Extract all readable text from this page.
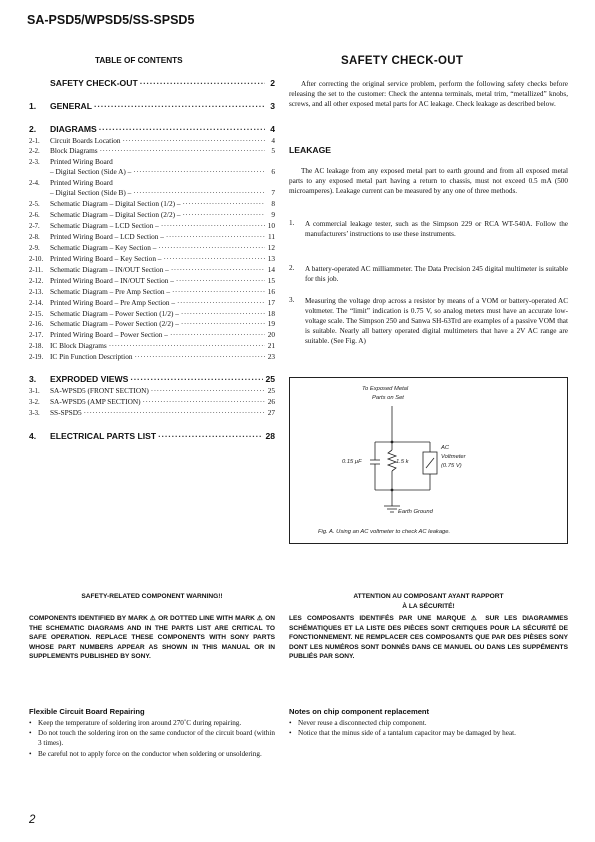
SA-PSD5/WPSD5/SS-SPSD5
TABLE OF CONTENTS
SAFETY CHECK-OUT ·····	2
1.	GENERAL ·····	3
2.	DIAGRAMS ·····	4
2-1.	Circuit Boards Location ·····	4
2-2.	Block Diagrams ·····	5
2-3.	Printed Wiring Board
– Digital Section (Side A) – ·····	6
2-4.	Printed Wiring Board
– Digital Section (Side B) – ·····	7
2-5.	Schematic Diagram – Digital Section (1/2) – ·····	8
2-6.	Schematic Diagram – Digital Section (2/2) – ·····	9
2-7.	Schematic Diagram – LCD Section – ·····	10
2-8.	Printed Wiring Board – LCD Section – ·····	11
2-9.	Schematic Diagram – Key Section – ·····	12
2-10. Printed Wiring Board – Key Section – ·····	13
2-11. Schematic Diagram – IN/OUT Section – ·····	14
2-12. Printed Wiring Board – IN/OUT Section – ·····	15
2-13. Schematic Diagram – Pre Amp Section – ·····	16
2-14. Printed Wiring Board – Pre Amp Section – ·····	17
2-15. Schematic Diagram – Power Section (1/2) – ·····	18
2-16. Schematic Diagram – Power Section (2/2) – ·····	19
2-17. Printed Wiring Board – Power Section – ·····	20
2-18. IC Block Diagrams ·····	21
2-19. IC Pin Function Description ·····	23
3.	EXPRODED VIEWS ·····	25
3-1.	SA-WPSD5 (FRONT SECTION) ·····	25
3-2.	SA-WPSD5 (AMP SECTION) ·····	26
3-3.	SS-SPSD5 ·····	27
4.	ELECTRICAL PARTS LIST ·····	28
SAFETY CHECK-OUT
After correcting the original service problem, perform the following safety checks before releasing the set to the customer: Check the antenna terminals, metal trim, “metallized” knobs, screws, and all other exposed metal parts for AC leakage. Check leakage as described below.
LEAKAGE
The AC leakage from any exposed metal part to earth ground and from all exposed metal parts to any exposed metal part having a return to chassis, must not exceed 0.5 mA (500 microamperes). Leakage current can be measured by any one of three methods.
1. A commercial leakage tester, such as the Simpson 229 or RCA WT-540A. Follow the manufacturers’ instructions to use these instruments.
2. A battery-operated AC milliammeter. The Data Precision 245 digital multimeter is suitable for this job.
3. Measuring the voltage drop across a resistor by means of a VOM or battery-operated AC voltmeter. The “limit” indication is 0.75 V, so analog meters must have an accurate low-voltage scale. The Simpson 250 and Sanwa SH-63Trd are examples of a passive VOM that is suitable. Nearly all battery operated digital multimeters that have a 2V AC range are suitable. (See Fig. A)
To Exposed Metal
Parts on Set
0.15 μF	1.5 k
AC
Voltmeter
(0.75 V)
Earth Ground
Fig. A. Using an AC voltmeter to check AC leakage.
SAFETY-RELATED COMPONENT WARNING!!
COMPONENTS IDENTIFIED BY MARK ⚠ OR DOTTED LINE WITH MARK ⚠ ON THE SCHEMATIC DIAGRAMS AND IN THE PARTS LIST ARE CRITICAL TO SAFE OPERATION. REPLACE THESE COMPONENTS WITH SONY PARTS WHOSE PART NUMBERS APPEAR AS SHOWN IN THIS MANUAL OR IN SUPPLEMENTS PUBLISHED BY SONY.
ATTENTION AU COMPOSANT AYANT RAPPORT
À LA SÉCURITÉ!
LES COMPOSANTS IDENTIFÉS PAR UNE MARQUE ⚠ SUR LES DIAGRAMMES SCHÉMATIQUES ET LA LISTE DES PIÈCES SONT CRITIQUES POUR LA SÉCURITÉ DE FONCTIONNEMENT. NE REMPLACER CES COMPOSANTS QUE PAR DES PIÈSES SONY DONT LES NUMÉROS SONT DONNÉS DANS CE MANUEL OU DANS LES SUPPÉMENTS PUBLIÉS PAR SONY.
Flexible Circuit Board Repairing
• Keep the temperature of soldering iron around 270˚C during repairing.
• Do not touch the soldering iron on the same conductor of the circuit board (within 3 times).
• Be careful not to apply force on the conductor when soldering or unsoldering.
Notes on chip component replacement
• Never reuse a disconnected chip component.
• Notice that the minus side of a tantalum capacitor may be damaged by heat.
2
